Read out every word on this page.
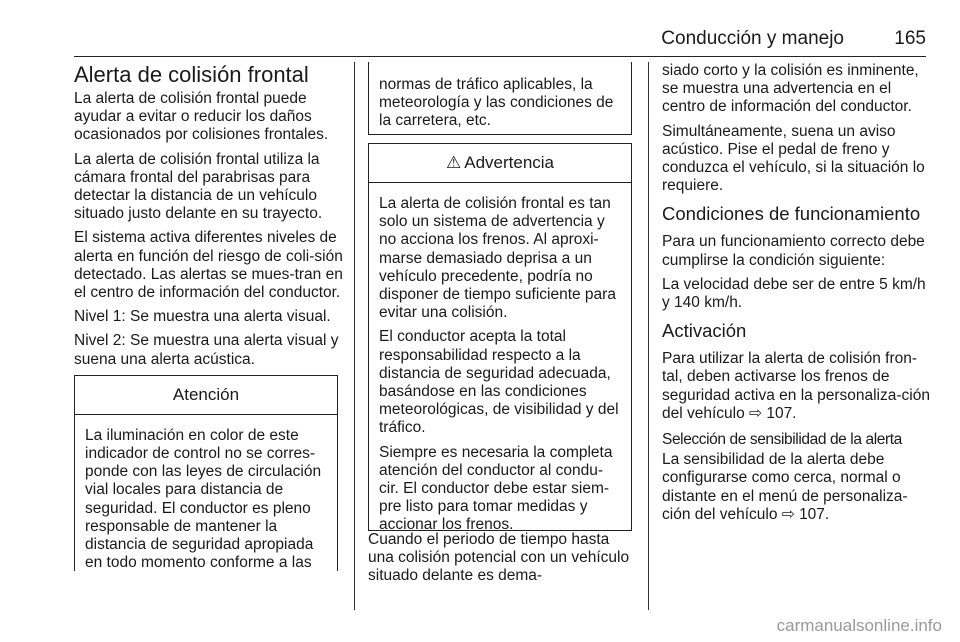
Conducción y manejo	165
Alerta de colisión frontal

La alerta de colisión frontal puede ayudar a evitar o reducir los daños ocasionados por colisiones frontales.

La alerta de colisión frontal utiliza la cámara frontal del parabrisas para detectar la distancia de un vehículo situado justo delante en su trayecto.

El sistema activa diferentes niveles de alerta en función del riesgo de coli-sión detectado. Las alertas se mues-tran en el centro de información del conductor.

Nivel 1: Se muestra una alerta visual.

Nivel 2: Se muestra una alerta visual y suena una alerta acústica.

Atención

La iluminación en color de este indicador de control no se corres-ponde con las leyes de circulación vial locales para distancia de seguridad. El conductor es pleno responsable de mantener la distancia de seguridad apropiada en todo momento conforme a las

normas de tráfico aplicables, la meteorología y las condiciones de la carretera, etc.
⚠ Advertencia

La alerta de colisión frontal es tan solo un sistema de advertencia y no acciona los frenos. Al aproxi-marse demasiado deprisa a un vehículo precedente, podría no disponer de tiempo suficiente para evitar una colisión.

El conductor acepta la total responsabilidad respecto a la distancia de seguridad adecuada, basándose en las condiciones meteorológicas, de visibilidad y del tráfico.

Siempre es necesaria la completa atención del conductor al condu-cir. El conductor debe estar siem-pre listo para tomar medidas y accionar los frenos.

Cuando el periodo de tiempo hasta una colisión potencial con un vehículo situado delante es dema-

siado corto y la colisión es inminente, se muestra una advertencia en el centro de información del conductor.

Simultáneamente, suena un aviso acústico. Pise el pedal de freno y conduzca el vehículo, si la situación lo requiere.

Condiciones de funcionamiento

Para un funcionamiento correcto debe cumplirse la condición siguiente:

La velocidad debe ser de entre 5 km/h y 140 km/h.

Activación

Para utilizar la alerta de colisión fron-tal, deben activarse los frenos de seguridad activa en la personaliza-ción del vehículo ⇨ 107.

Selección de sensibilidad de la alerta

La sensibilidad de la alerta debe configurarse como cerca, normal o distante en el menú de personaliza-ción del vehículo ⇨ 107.

carmanualsonline.info
